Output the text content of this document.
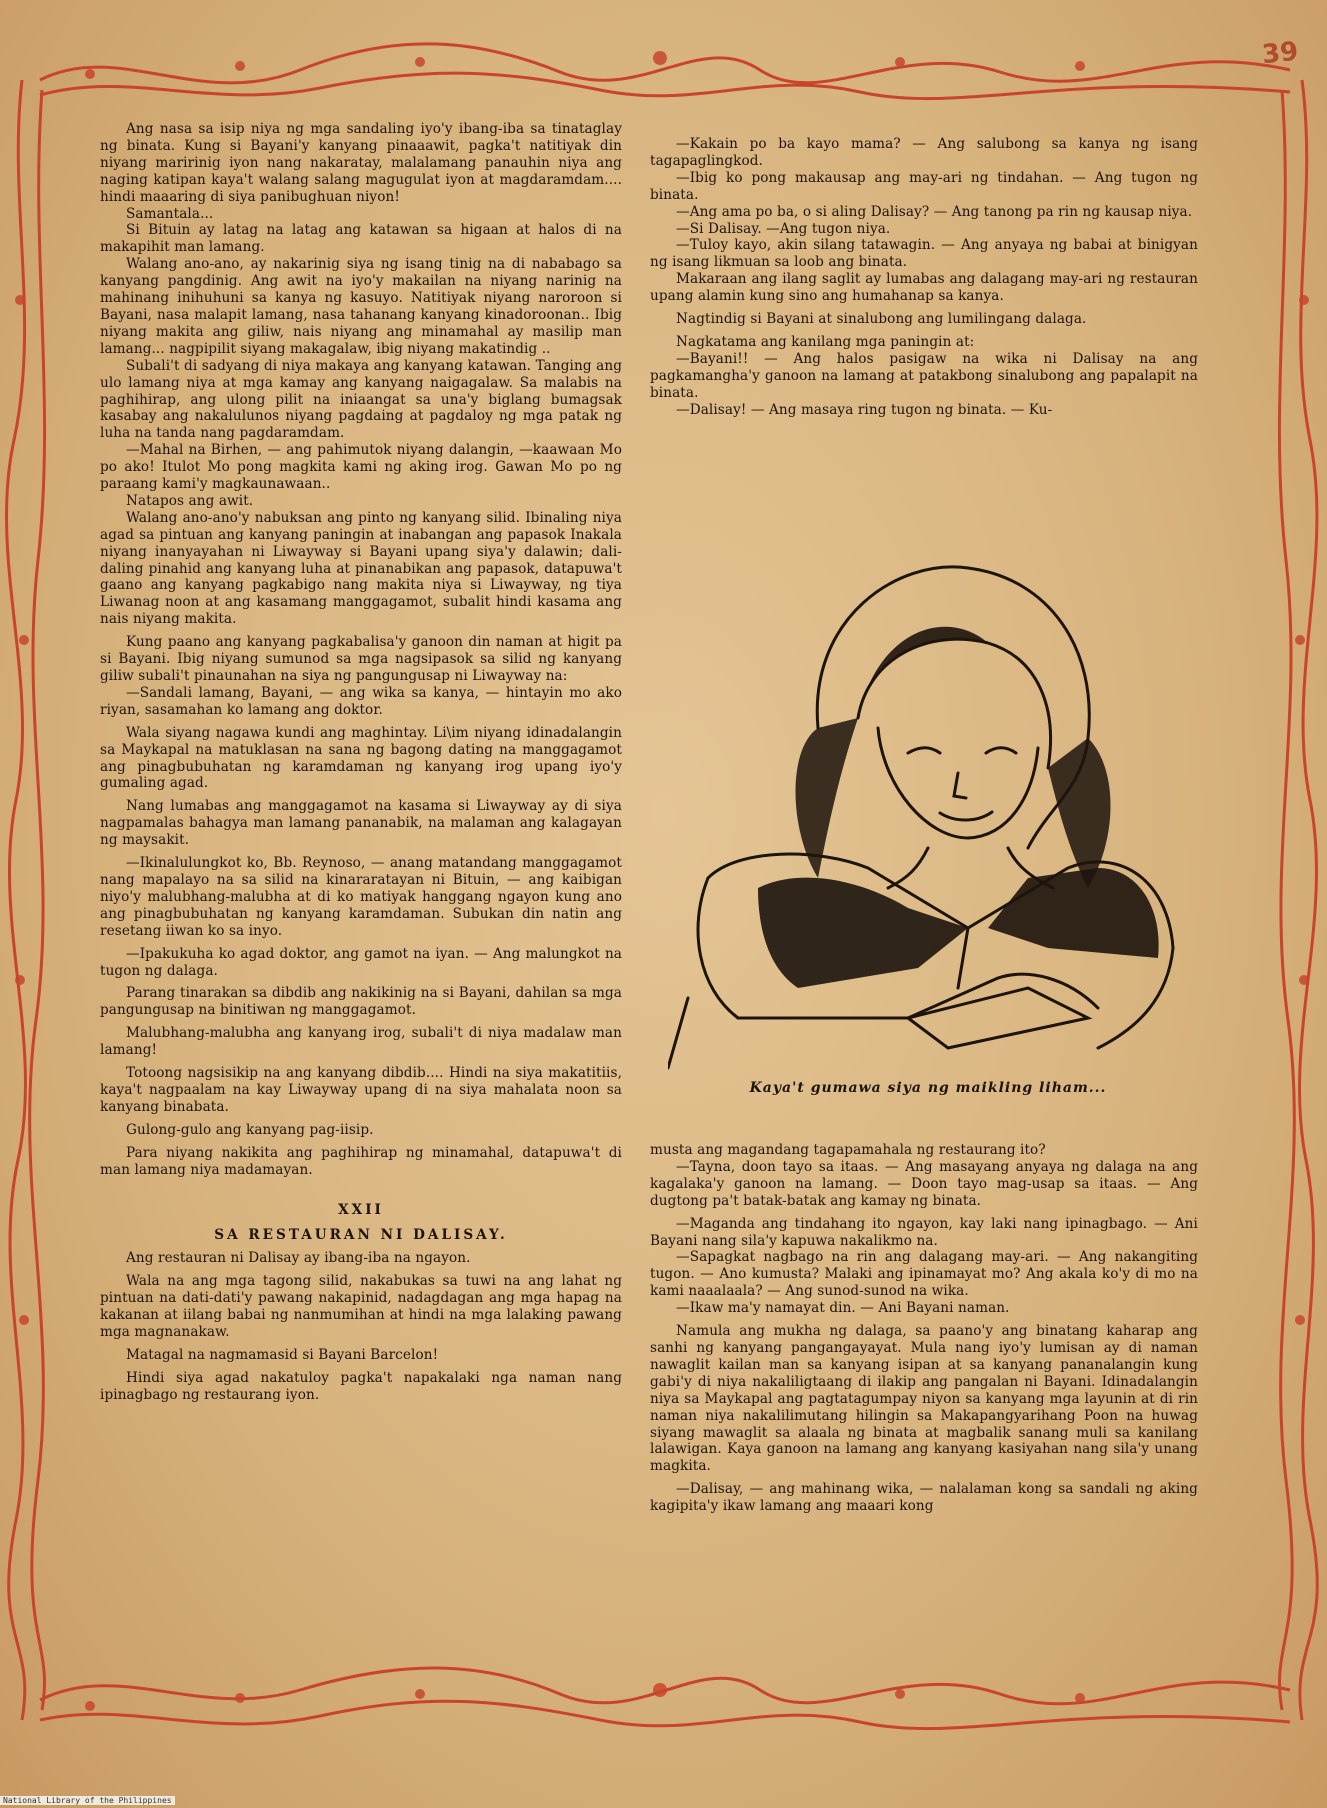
39

Ang nasa sa isip niya ng mga sandaling iyo'y ibang-iba sa tinataglay ng binata. Kung si Bayani'y kanyang pinaaawit, pagka't natitiyak din niyang maririnig iyon nang nakaratay, malalamang panauhin niya ang naging katipan kaya't walang salang magugulat iyon at magdaramdam.... hindi maaaring di siya panibughuan niyon!

Samantala...

Si Bituin ay latag na latag ang katawan sa higaan at halos di na makapihit man lamang.

Walang ano-ano, ay nakarinig siya ng isang tinig na di nababago sa kanyang pangdinig. Ang awit na iyo'y makailan na niyang narinig na mahinang inihuhuni sa kanya ng kasuyo. Natitiyak niyang naroroon si Bayani, nasa malapit lamang, nasa tahanang kanyang kinadoroonan.. Ibig niyang makita ang giliw, nais niyang ang minamahal ay masilip man lamang... nagpipilit siyang makagalaw, ibig niyang makatindig ..

Subali't di sadyang di niya makaya ang kanyang katawan. Tanging ang ulo lamang niya at mga kamay ang kanyang naigagalaw. Sa malabis na paghihirap, ang ulong pilit na iniaangat sa una'y biglang bumagsak kasabay ang nakalulunos niyang pagdaing at pagdaloy ng mga patak ng luha na tanda nang pagdaramdam.

—Mahal na Birhen, — ang pahimutok niyang dalangin, —kaawaan Mo po ako! Itulot Mo pong magkita kami ng aking irog. Gawan Mo po ng paraang kami'y magkaunawaan..

Natapos ang awit.

Walang ano-ano'y nabuksan ang pinto ng kanyang silid. Ibinaling niya agad sa pintuan ang kanyang paningin at inabangan ang papasok Inakala niyang inanyayahan ni Liwayway si Bayani upang siya'y dalawin; dali-daling pinahid ang kanyang luha at pinanabikan ang papasok, datapuwa't gaano ang kanyang pagkabigo nang makita niya si Liwayway, ng tiya Liwanag noon at ang kasamang manggagamot, subalit hindi kasama ang nais niyang makita.

Kung paano ang kanyang pagkabalisa'y ganoon din naman at higit pa si Bayani. Ibig niyang sumunod sa mga nagsipasok sa silid ng kanyang giliw subali't pinaunahan na siya ng pangungusap ni Liwayway na:

—Sandali lamang, Bayani, — ang wika sa kanya, — hintayin mo ako riyan, sasamahan ko lamang ang doktor.

Wala siyang nagawa kundi ang maghintay. Li\im niyang idinadalangin sa Maykapal na matuklasan na sana ng bagong dating na manggagamot ang pinagbubuhatan ng karamdaman ng kanyang irog upang iyo'y gumaling agad.

Nang lumabas ang manggagamot na kasama si Liwayway ay di siya nagpamalas bahagya man lamang pananabik, na malaman ang kalagayan ng maysakit.

—Ikinalulungkot ko, Bb. Reynoso, — anang matandang manggagamot nang mapalayo na sa silid na kinararatayan ni Bituin, — ang kaibigan niyo'y malubhang-malubha at di ko matiyak hanggang ngayon kung ano ang pinagbubuhatan ng kanyang karamdaman. Subukan din natin ang resetang iiwan ko sa inyo.

—Ipakukuha ko agad doktor, ang gamot na iyan. — Ang malungkot na tugon ng dalaga.

Parang tinarakan sa dibdib ang nakikinig na si Bayani, dahilan sa mga pangungusap na binitiwan ng manggagamot.

Malubhang-malubha ang kanyang irog, subali't di niya madalaw man lamang!

Totoong nagsisikip na ang kanyang dibdib.... Hindi na siya makatitiis, kaya't nagpaalam na kay Liwayway upang di na siya mahalata noon sa kanyang binabata.

Gulong-gulo ang kanyang pag-iisip.

Para niyang nakikita ang paghihirap ng minamahal, datapuwa't di man lamang niya madamayan.

XXII

SA RESTAURAN NI DALISAY.

Ang restauran ni Dalisay ay ibang-iba na ngayon.

Wala na ang mga tagong silid, nakabukas sa tuwi na ang lahat ng pintuan na dati-dati'y pawang nakapinid, nadagdagan ang mga hapag na kakanan at iilang babai ng nanmumihan at hindi na mga lalaking pawang mga magnanakaw.

Matagal na nagmamasid si Bayani Barcelon!

Hindi siya agad nakatuloy pagka't napakalaki nga naman nang ipinagbago ng restaurang iyon.

—Kakain po ba kayo mama? — Ang salubong sa kanya ng isang tagapaglingkod.

—Ibig ko pong makausap ang may-ari ng tindahan. — Ang tugon ng binata.

—Ang ama po ba, o si aling Dalisay? — Ang tanong pa rin ng kausap niya.

—Si Dalisay. —Ang tugon niya.

—Tuloy kayo, akin silang tatawagin. — Ang anyaya ng babai at binigyan ng isang likmuan sa loob ang binata.

Makaraan ang ilang saglit ay lumabas ang dalagang may-ari ng restauran upang alamin kung sino ang humahanap sa kanya.

Nagtindig si Bayani at sinalubong ang lumilingang dalaga.

Nagkatama ang kanilang mga paningin at:

—Bayani!! — Ang halos pasigaw na wika ni Dalisay na ang pagkamangha'y ganoon na lamang at patakbong sinalubong ang papalapit na binata.

—Dalisay! — Ang masaya ring tugon ng binata. — Ku-

Kaya't gumawa siya ng maikling liham...

musta ang magandang tagapamahala ng restaurang ito?

—Tayna, doon tayo sa itaas. — Ang masayang anyaya ng dalaga na ang kagalaka'y ganoon na lamang. — Doon tayo mag-usap sa itaas. — Ang dugtong pa't batak-batak ang kamay ng binata.

—Maganda ang tindahang ito ngayon, kay laki nang ipinagbago. — Ani Bayani nang sila'y kapuwa nakalikmo na.

—Sapagkat nagbago na rin ang dalagang may-ari. — Ang nakangiting tugon. — Ano kumusta? Malaki ang ipinamayat mo? Ang akala ko'y di mo na kami naaalaala? — Ang sunod-sunod na wika.

—Ikaw ma'y namayat din. — Ani Bayani naman.

Namula ang mukha ng dalaga, sa paano'y ang binatang kaharap ang sanhi ng kanyang pangangayayat. Mula nang iyo'y lumisan ay di naman nawaglit kailan man sa kanyang isipan at sa kanyang pananalangin kung gabi'y di niya nakaliligtaang di ilakip ang pangalan ni Bayani. Idinadalangin niya sa Maykapal ang pagtatagumpay niyon sa kanyang mga layunin at di rin naman niya nakalilimutang hilingin sa Makapangyarihang Poon na huwag siyang mawaglit sa alaala ng binata at magbalik sanang muli sa kanilang lalawigan. Kaya ganoon na lamang ang kanyang kasiyahan nang sila'y unang magkita.

—Dalisay, — ang mahinang wika, — nalalaman kong sa sandali ng aking kagipita'y ikaw lamang ang maaari kong

National Library of the Philippines
